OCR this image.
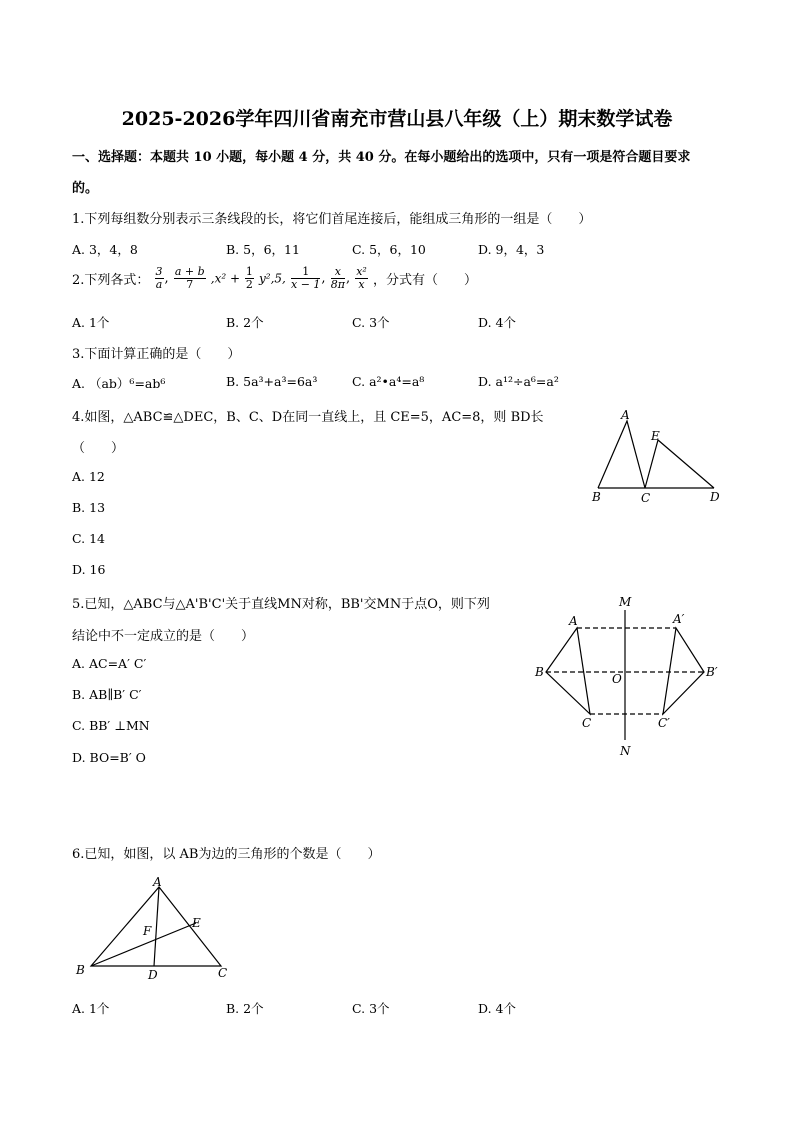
2025-2026学年四川省南充市营山县八年级（上）期末数学试卷
一、选择题：本题共 10 小题，每小题 4 分，共 40 分。在每小题给出的选项中，只有一项是符合题目要求
的。
1.下列每组数分别表示三条线段的长，将它们首尾连接后，能组成三角形的一组是（　　）
A. 3，4，8	B. 5，6，11	C. 5，6，10	D. 9，4，3
2.下列各式： $\frac{3}{a}$ , $\frac{a + b}{7} ,x^2 + \frac{1}{2} y^2,5$, $\frac{1}{x - 1}$ , $\frac{x}{8\pi}$ , $\frac{\text{x²}}{x}$ ，分式有（　　）
A. 1个	B. 2个	C. 3个	D. 4个
3.下面计算正确的是（　　）
A. （ab）⁶=ab⁶	B. 5a³+a³=6a³	C. a²•a⁴=a⁸	D. a¹²÷a⁶=a²
4.如图，△ABC≌△DEC，B、C、D在同一直线上，且 CE=5，AC=8，则 BD长
（　　）
A. 12
B. 13
C. 14
D. 16
A
E
B	C	D
5.已知，△ABC与△A'B'C'关于直线MN对称，BB'交MN于点O，则下列
结论中不一定成立的是（　　）
A. AC=A′ C′
B. AB∥B′ C′
C. BB′ ⊥MN
D. BO=B′ O
M
N
A	A′
B	B′
O
C	C′
6.已知，如图，以 AB为边的三角形的个数是（　　）
A
E
F
B	D	C
A. 1个	B. 2个	C. 3个	D. 4个
